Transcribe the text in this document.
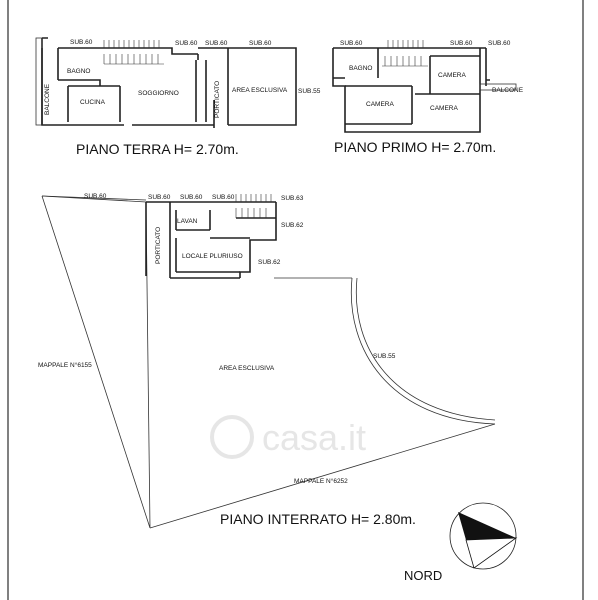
casa.it
SUB.60	SUB.60 SUB.60	SUB.60
SUB.55
BAGNO
CUCINA
SOGGIORNO	AREA ESCLUSIVA
BALCONE	PORTICATO
PIANO TERRA H= 2.70m.
SUB.60	SUB.60 SUB.60
BAGNO
CAMERA
CAMERA
CAMERA
BALCONE
PIANO PRIMO H= 2.70m.
SUB.60	SUB.60 SUB.60 SUB.60	SUB.63
SUB.62
SUB.62
SUB.55
LAVAN
LOCALE PLURIUSO
PORTICATO
AREA ESCLUSIVA
MAPPALE N°6155
MAPPALE N°6252
PIANO INTERRATO H= 2.80m.
NORD
